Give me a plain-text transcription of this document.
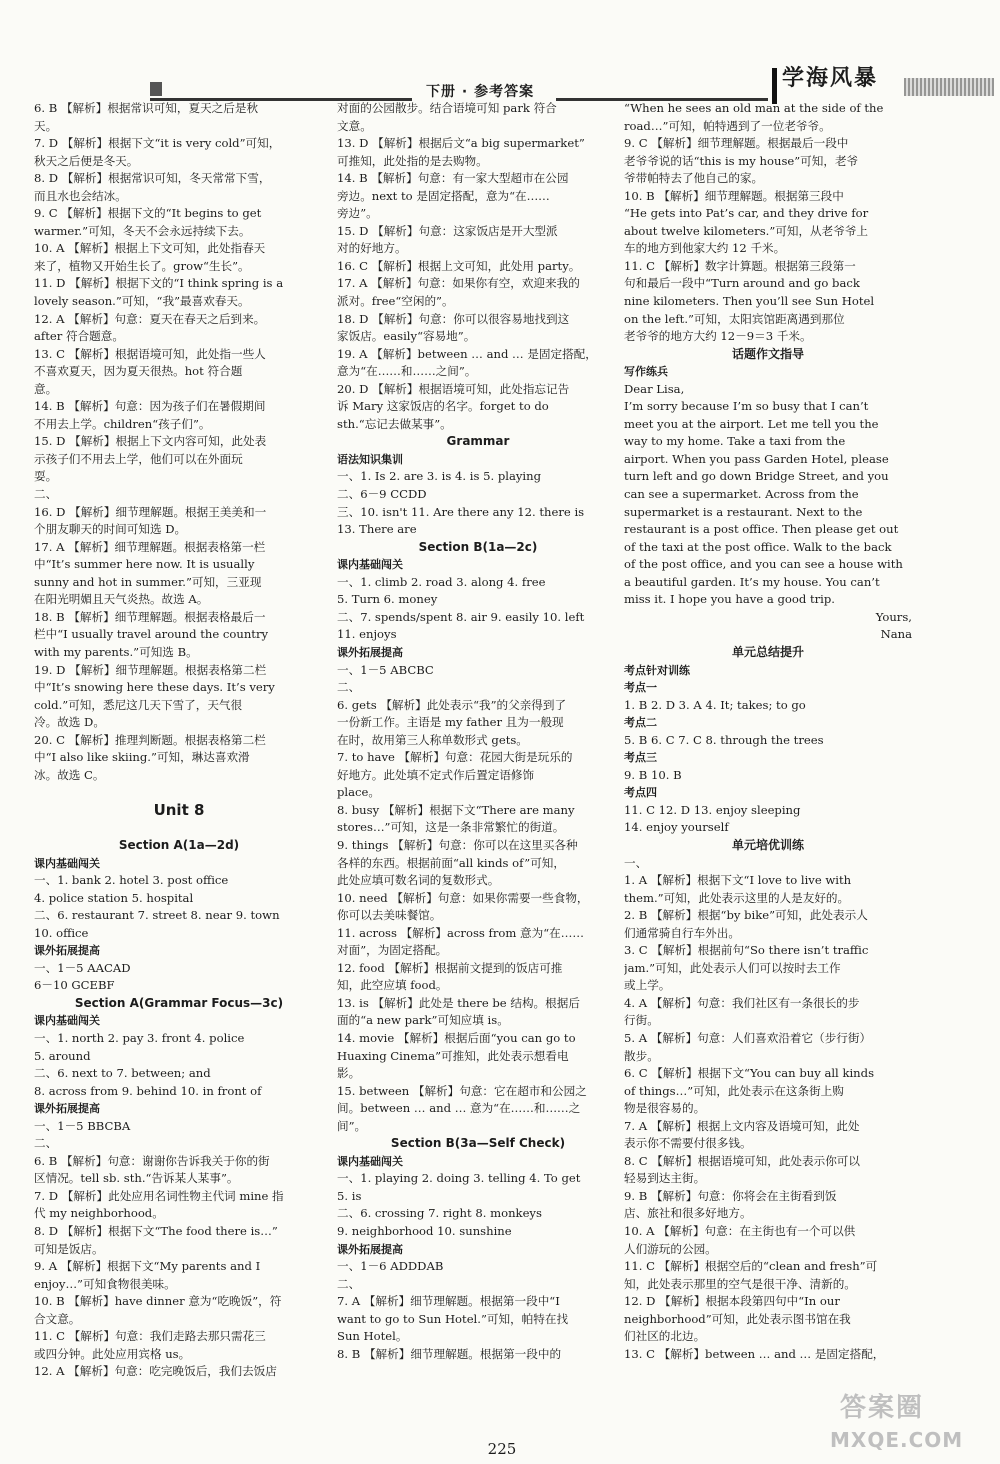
下册 · 参考答案
学海风暴
6. B 【解析】根据常识可知，夏天之后是秋
天。
7. D 【解析】根据下文“it is very cold”可知，
秋天之后便是冬天。
8. D 【解析】根据常识可知，冬天常常下雪，
而且水也会结冰。
9. C 【解析】根据下文的“It begins to get
warmer.”可知，冬天不会永远持续下去。
10. A 【解析】根据上下文可知，此处指春天
来了，植物又开始生长了。grow“生长”。
11. D 【解析】根据下文的“I think spring is a
lovely season.”可知，“我”最喜欢春天。
12. A 【解析】句意：夏天在春天之后到来。
after 符合题意。
13. C 【解析】根据语境可知，此处指一些人
不喜欢夏天，因为夏天很热。hot 符合题
意。
14. B 【解析】句意：因为孩子们在暑假期间
不用去上学。children“孩子们”。
15. D 【解析】根据上下文内容可知，此处表
示孩子们不用去上学，他们可以在外面玩
耍。
二、
16. D 【解析】细节理解题。根据王美美和一
个朋友聊天的时间可知选 D。
17. A 【解析】细节理解题。根据表格第一栏
中“It’s summer here now. It is usually
sunny and hot in summer.”可知，三亚现
在阳光明媚且天气炎热。故选 A。
18. B 【解析】细节理解题。根据表格最后一
栏中“I usually travel around the country
with my parents.”可知选 B。
19. D 【解析】细节理解题。根据表格第二栏
中“It’s snowing here these days. It’s very
cold.”可知，悉尼这几天下雪了，天气很
冷。故选 D。
20. C 【解析】推理判断题。根据表格第二栏
中“I also like skiing.”可知，琳达喜欢滑
冰。故选 C。
Unit 8
Section A(1a—2d)
课内基础闯关
一、1. bank 2. hotel 3. post office
4. police station 5. hospital
二、6. restaurant 7. street 8. near 9. town
10. office
课外拓展提高
一、1－5 AACAD
6－10 GCEBF
Section A(Grammar Focus—3c)
课内基础闯关
一、1. north 2. pay 3. front 4. police
5. around
二、6. next to 7. between; and
8. across from 9. behind 10. in front of
课外拓展提高
一、1－5 BBCBA
二、
6. B 【解析】句意：谢谢你告诉我关于你的街
区情况。tell sb. sth.“告诉某人某事”。
7. D 【解析】此处应用名词性物主代词 mine 指
代 my neighborhood。
8. D 【解析】根据下文“The food there is…”
可知是饭店。
9. A 【解析】根据下文“My parents and I
enjoy…”可知食物很美味。
10. B 【解析】have dinner 意为“吃晚饭”，符
合文意。
11. C 【解析】句意：我们走路去那只需花三
或四分钟。此处应用宾格 us。
12. A 【解析】句意：吃完晚饭后，我们去饭店
对面的公园散步。结合语境可知 park 符合
文意。
13. D 【解析】根据后文“a big supermarket”
可推知，此处指的是去购物。
14. B 【解析】句意：有一家大型超市在公园
旁边。next to 是固定搭配，意为“在……
旁边”。
15. D 【解析】句意：这家饭店是开大型派
对的好地方。
16. C 【解析】根据上文可知，此处用 party。
17. A 【解析】句意：如果你有空，欢迎来我的
派对。free“空闲的”。
18. D 【解析】句意：你可以很容易地找到这
家饭店。easily“容易地”。
19. A 【解析】between … and … 是固定搭配，
意为“在……和……之间”。
20. D 【解析】根据语境可知，此处指忘记告
诉 Mary 这家饭店的名字。forget to do
sth.“忘记去做某事”。
Grammar
语法知识集训
一、1. Is 2. are 3. is 4. is 5. playing
二、6－9 CCDD
三、10. isn't 11. Are there any 12. there is
13. There are
Section B(1a—2c)
课内基础闯关
一、1. climb 2. road 3. along 4. free
5. Turn 6. money
二、7. spends/spent 8. air 9. easily 10. left
11. enjoys
课外拓展提高
一、1－5 ABCBC
二、
6. gets 【解析】此处表示“我”的父亲得到了
一份新工作。主语是 my father 且为一般现
在时，故用第三人称单数形式 gets。
7. to have 【解析】句意：花园大街是玩乐的
好地方。此处填不定式作后置定语修饰
place。
8. busy 【解析】根据下文“There are many
stores…”可知，这是一条非常繁忙的街道。
9. things 【解析】句意：你可以在这里买各种
各样的东西。根据前面“all kinds of”可知，
此处应填可数名词的复数形式。
10. need 【解析】句意：如果你需要一些食物，
你可以去美味餐馆。
11. across 【解析】across from 意为“在……
对面”，为固定搭配。
12. food 【解析】根据前文提到的饭店可推
知，此空应填 food。
13. is 【解析】此处是 there be 结构。根据后
面的“a new park”可知应填 is。
14. movie 【解析】根据后面“you can go to
Huaxing Cinema”可推知，此处表示想看电
影。
15. between 【解析】句意：它在超市和公园之
间。between … and … 意为“在……和……之
间”。
Section B(3a—Self Check)
课内基础闯关
一、1. playing 2. doing 3. telling 4. To get
5. is
二、6. crossing 7. right 8. monkeys
9. neighborhood 10. sunshine
课外拓展提高
一、1－6 ADDDAB
二、
7. A 【解析】细节理解题。根据第一段中“I
want to go to Sun Hotel.”可知，帕特在找
Sun Hotel。
8. B 【解析】细节理解题。根据第一段中的
“When he sees an old man at the side of the
road…”可知，帕特遇到了一位老爷爷。
9. C 【解析】细节理解题。根据最后一段中
老爷爷说的话“this is my house”可知，老爷
爷带帕特去了他自己的家。
10. B 【解析】细节理解题。根据第三段中
“He gets into Pat’s car, and they drive for
about twelve kilometers.”可知，从老爷爷上
车的地方到他家大约 12 千米。
11. C 【解析】数字计算题。根据第三段第一
句和最后一段中“Turn around and go back
nine kilometers. Then you’ll see Sun Hotel
on the left.”可知，太阳宾馆距离遇到那位
老爷爷的地方大约 12－9＝3 千米。
话题作文指导
写作练兵
Dear Lisa,
I’m sorry because I’m so busy that I can’t
meet you at the airport. Let me tell you the
way to my home. Take a taxi from the
airport. When you pass Garden Hotel, please
turn left and go down Bridge Street, and you
can see a supermarket. Across from the
supermarket is a restaurant. Next to the
restaurant is a post office. Then please get out
of the taxi at the post office. Walk to the back
of the post office, and you can see a house with
a beautiful garden. It’s my house. You can’t
miss it. I hope you have a good trip.
Yours,
Nana
单元总结提升
考点针对训练
考点一
1. B 2. D 3. A 4. It; takes; to go
考点二
5. B 6. C 7. C 8. through the trees
考点三
9. B 10. B
考点四
11. C 12. D 13. enjoy sleeping
14. enjoy yourself
单元培优训练
一、
1. A 【解析】根据下文“I love to live with
them.”可知，此处表示这里的人是友好的。
2. B 【解析】根据“by bike”可知，此处表示人
们通常骑自行车外出。
3. C 【解析】根据前句“So there isn’t traffic
jam.”可知，此处表示人们可以按时去工作
或上学。
4. A 【解析】句意：我们社区有一条很长的步
行街。
5. A 【解析】句意：人们喜欢沿着它（步行街）
散步。
6. C 【解析】根据下文“You can buy all kinds
of things…”可知，此处表示在这条街上购
物是很容易的。
7. A 【解析】根据上文内容及语境可知，此处
表示你不需要付很多钱。
8. C 【解析】根据语境可知，此处表示你可以
轻易到达主街。
9. B 【解析】句意：你将会在主街看到饭
店、旅社和很多好地方。
10. A 【解析】句意：在主街也有一个可以供
人们游玩的公园。
11. C 【解析】根据空后的“clean and fresh”可
知，此处表示那里的空气是很干净、清新的。
12. D 【解析】根据本段第四句中“In our
neighborhood”可知，此处表示图书馆在我
们社区的北边。
13. C 【解析】between … and … 是固定搭配，
225
答案圈
MXQE.COM
